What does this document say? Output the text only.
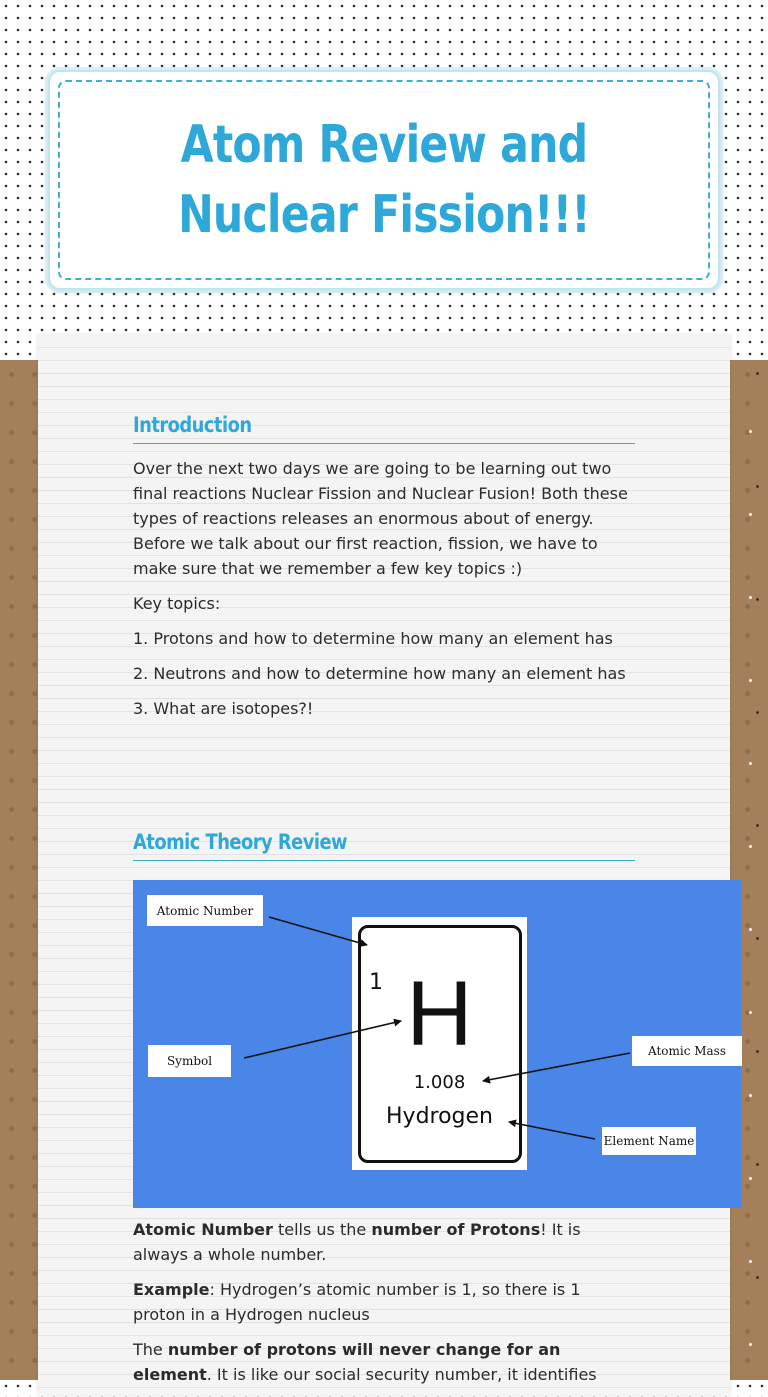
Atom Review and Nuclear Fission!!!
Introduction

Over the next two days we are going to be learning out two final reactions Nuclear Fission and Nuclear Fusion! Both these types of reactions releases an enormous about of energy. Before we talk about our first reaction, fission, we have to make sure that we remember a few key topics :)

Key topics:

1. Protons and how to determine how many an element has

2. Neutrons and how to determine how many an element has

3. What are isotopes?!

Atomic Theory Review
1 H
1.008
Hydrogen
Atomic Number
Symbol
Atomic Mass
Element Name

Atomic Number tells us the number of Protons! It is always a whole number.

Example: Hydrogen’s atomic number is 1, so there is 1 proton in a Hydrogen nucleus

The number of protons will never change for an element. It is like our social security number, it identifies
